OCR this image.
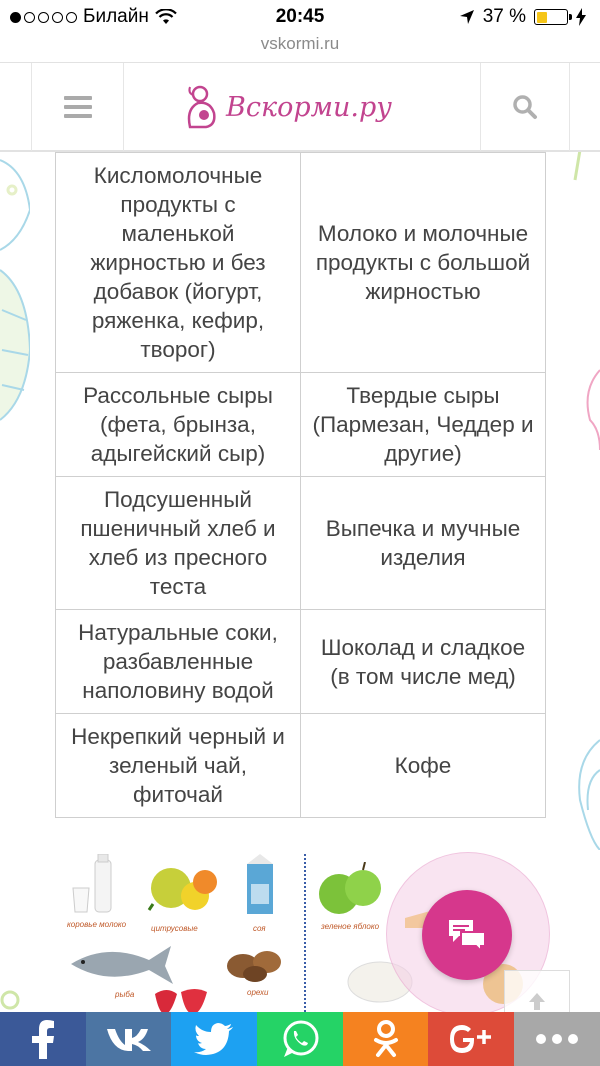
Билайн	20:45	37 %
vskormi.ru
Вскорми.ру
Кисломолочные продукты с маленькой жирностью и без добавок (йогурт, ряженка, кефир, творог)	Молоко и молочные продукты с большой жирностью
Рассольные сыры (фета, брынза, адыгейский сыр)	Твердые сыры (Пармезан, Чеддер и другие)
Подсушенный пшеничный хлеб и хлеб из пресного теста	Выпечка и мучные изделия
Натуральные соки, разбавленные наполовину водой	Шоколад и сладкое (в том числе мед)
Некрепкий черный и зеленый чай, фиточай	Кофе
коровье молоко	цитрусовые	соя
рыба	орехи
зеленое яблоко
